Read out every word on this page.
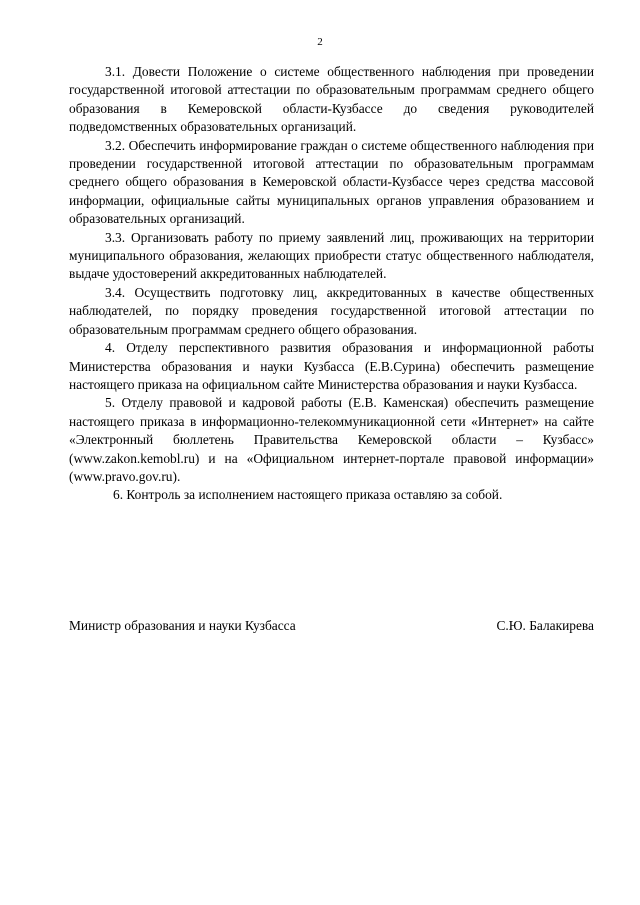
2

3.1. Довести Положение о системе общественного наблюдения при проведении государственной итоговой аттестации по образовательным программам среднего общего образования в Кемеровской области-Кузбассе до сведения руководителей подведомственных образовательных организаций.

3.2. Обеспечить информирование граждан о системе общественного наблюдения при проведении государственной итоговой аттестации по образовательным программам среднего общего образования в Кемеровской области-Кузбассе через средства массовой информации, официальные сайты муниципальных органов управления образованием и образовательных организаций.

3.3. Организовать работу по приему заявлений лиц, проживающих на территории муниципального образования, желающих приобрести статус общественного наблюдателя, выдаче удостоверений аккредитованных наблюдателей.

3.4. Осуществить подготовку лиц, аккредитованных в качестве общественных наблюдателей, по порядку проведения государственной итоговой аттестации по образовательным программам среднего общего образования.

4. Отделу перспективного развития образования и информационной работы Министерства образования и науки Кузбасса (Е.В.Сурина) обеспечить размещение настоящего приказа на официальном сайте Министерства образования и науки Кузбасса.

5. Отделу правовой и кадровой работы (Е.В. Каменская) обеспечить размещение настоящего приказа в информационно-телекоммуникационной сети «Интернет» на сайте «Электронный бюллетень Правительства Кемеровской области – Кузбасс» (www.zakon.kemobl.ru) и на «Официальном интернет-портале правовой информации» (www.pravo.gov.ru).

6. Контроль за исполнением настоящего приказа оставляю за собой.

Министр образования и науки Кузбасса	С.Ю. Балакирева
